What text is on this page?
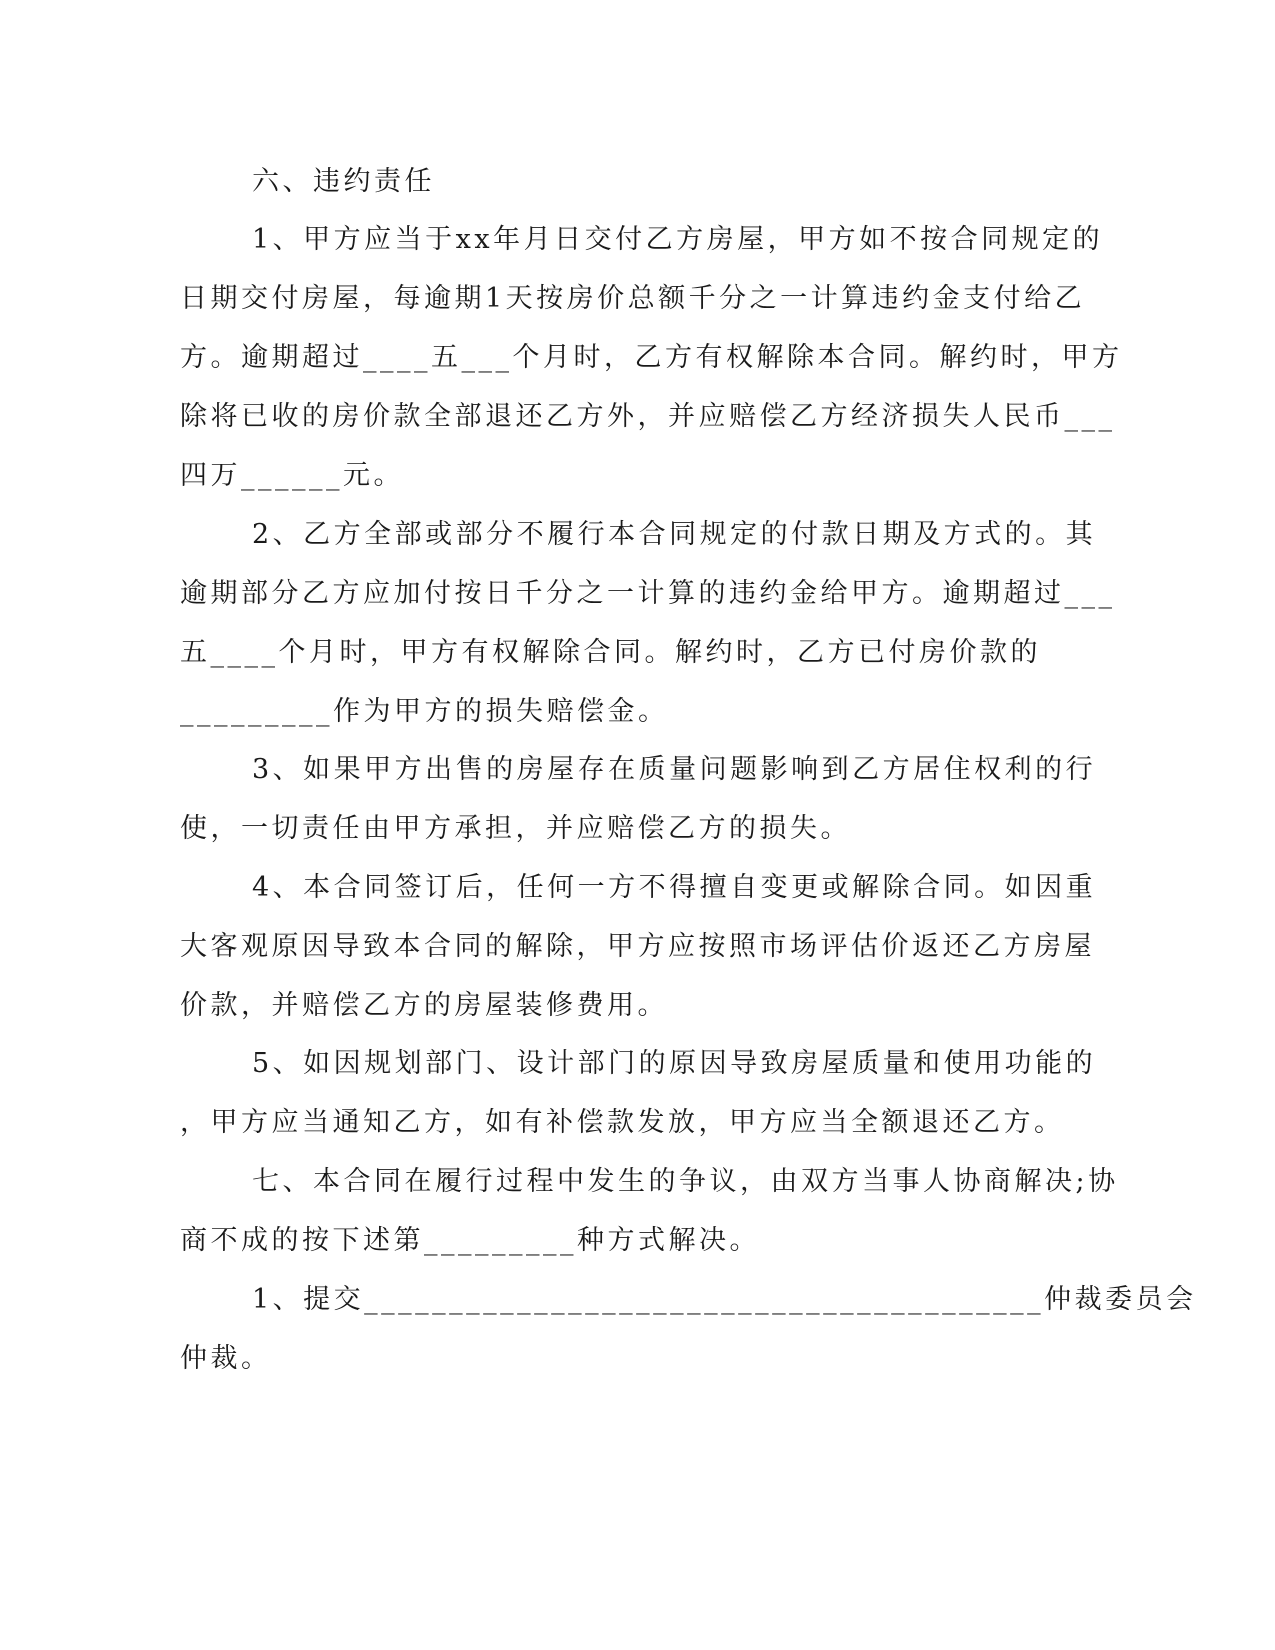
六、违约责任

1、甲方应当于xx年月日交付乙方房屋，甲方如不按合同规定的

日期交付房屋，每逾期1天按房价总额千分之一计算违约金支付给乙

方。逾期超过____五___个月时，乙方有权解除本合同。解约时，甲方

除将已收的房价款全部退还乙方外，并应赔偿乙方经济损失人民币___

四万______元。

2、乙方全部或部分不履行本合同规定的付款日期及方式的。其

逾期部分乙方应加付按日千分之一计算的违约金给甲方。逾期超过___

五____个月时，甲方有权解除合同。解约时，乙方已付房价款的

_________作为甲方的损失赔偿金。

3、如果甲方出售的房屋存在质量问题影响到乙方居住权利的行

使，一切责任由甲方承担，并应赔偿乙方的损失。

4、本合同签订后，任何一方不得擅自变更或解除合同。如因重

大客观原因导致本合同的解除，甲方应按照市场评估价返还乙方房屋

价款，并赔偿乙方的房屋装修费用。

5、如因规划部门、设计部门的原因导致房屋质量和使用功能的

，甲方应当通知乙方，如有补偿款发放，甲方应当全额退还乙方。

七、本合同在履行过程中发生的争议，由双方当事人协商解决;协

商不成的按下述第_________种方式解决。

1、提交________________________________________仲裁委员会

仲裁。
